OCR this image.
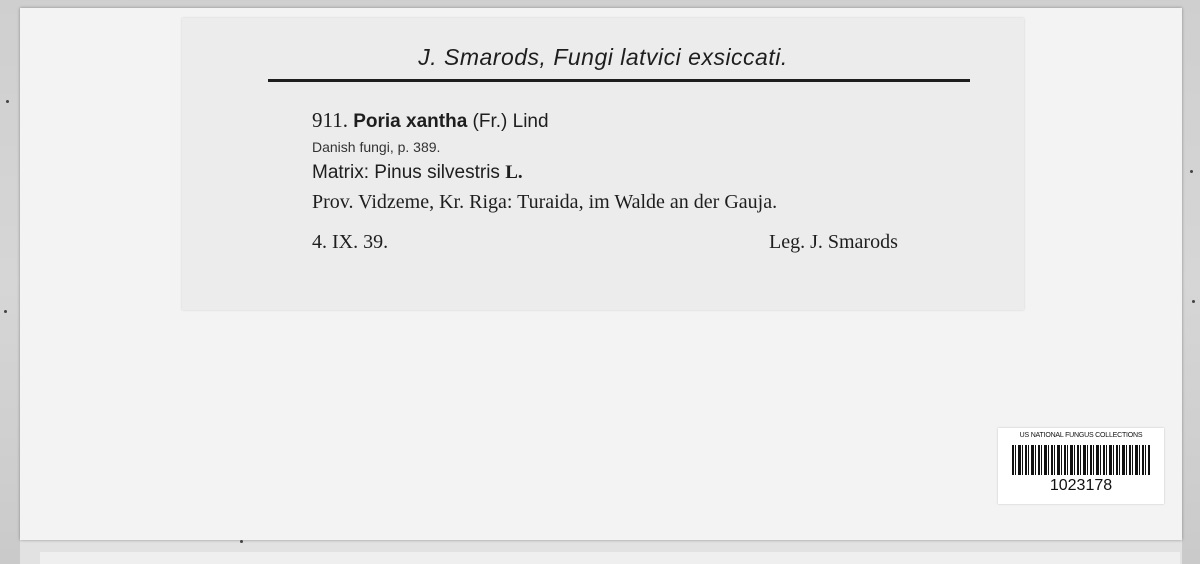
J. Smarods, Fungi latvici exsiccati.
911. Poria xantha (Fr.) Lind
Danish fungi, p. 389.
Matrix: Pinus silvestris L.
Prov. Vidzeme, Kr. Riga: Turaida, im Walde an der Gauja.
4. IX. 39.	Leg. J. Smarods
US NATIONAL FUNGUS COLLECTIONS
1023178
